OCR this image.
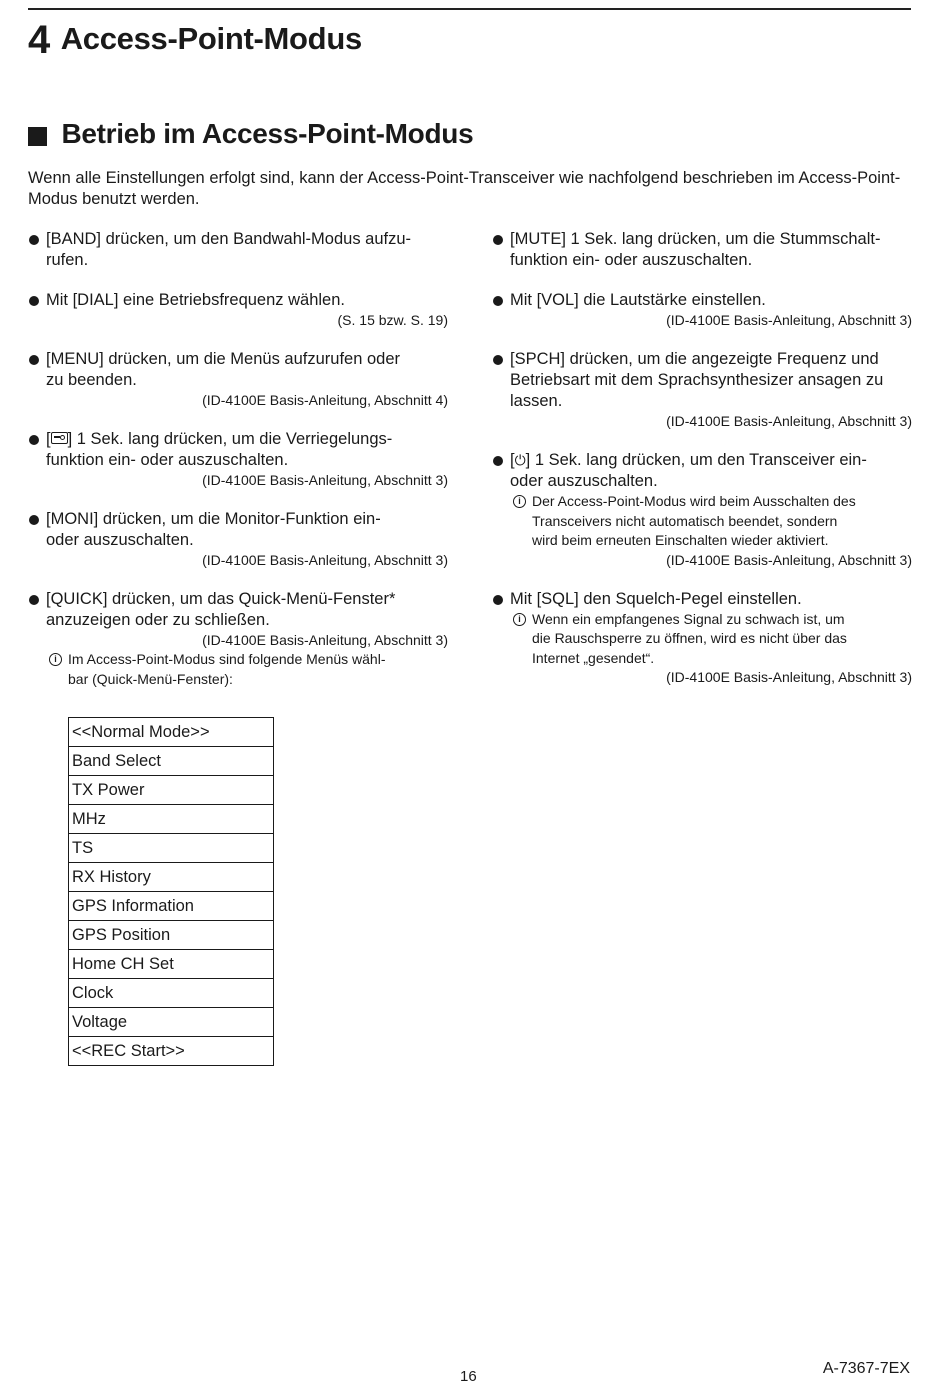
4 Access-Point-Modus
Betrieb im Access-Point-Modus
Wenn alle Einstellungen erfolgt sind, kann der Access-Point-Transceiver wie nachfolgend beschrieben im Access-Point-Modus benutzt werden.
[BAND] drücken, um den Bandwahl-Modus aufzu-
rufen.
Mit [DIAL] eine Betriebsfrequenz wählen.
(S. 15 bzw. S. 19)
[MENU] drücken, um die Menüs aufzurufen oder
zu beenden.
(ID-4100E Basis-Anleitung, Abschnitt 4)
[ ] 1 Sek. lang drücken, um die Verriegelungs-
funktion ein- oder auszuschalten.
(ID-4100E Basis-Anleitung, Abschnitt 3)
[MONI] drücken, um die Monitor-Funktion ein-
oder auszuschalten.
(ID-4100E Basis-Anleitung, Abschnitt 3)
[QUICK] drücken, um das Quick-Menü-Fenster*
anzuzeigen oder zu schließen.
(ID-4100E Basis-Anleitung, Abschnitt 3)
i Im Access-Point-Modus sind folgende Menüs wähl-
bar (Quick-Menü-Fenster):
<<Normal Mode>>
Band Select
TX Power
MHz
TS
RX History
GPS Information
GPS Position
Home CH Set
Clock
Voltage
<<REC Start>>
[MUTE] 1 Sek. lang drücken, um die Stummschalt-
funktion ein- oder auszuschalten.
Mit [VOL] die Lautstärke einstellen.
(ID-4100E Basis-Anleitung, Abschnitt 3)
[SPCH] drücken, um die angezeigte Frequenz und
Betriebsart mit dem Sprachsynthesizer ansagen zu
lassen.
(ID-4100E Basis-Anleitung, Abschnitt 3)
[⏻] 1 Sek. lang drücken, um den Transceiver ein-
oder auszuschalten.
i Der Access-Point-Modus wird beim Ausschalten des
Transceivers nicht automatisch beendet, sondern
wird beim erneuten Einschalten wieder aktiviert.
(ID-4100E Basis-Anleitung, Abschnitt 3)
Mit [SQL] den Squelch-Pegel einstellen.
i Wenn ein empfangenes Signal zu schwach ist, um
die Rauschsperre zu öffnen, wird es nicht über das
Internet „gesendet“.
(ID-4100E Basis-Anleitung, Abschnitt 3)
16	A-7367-7EX
